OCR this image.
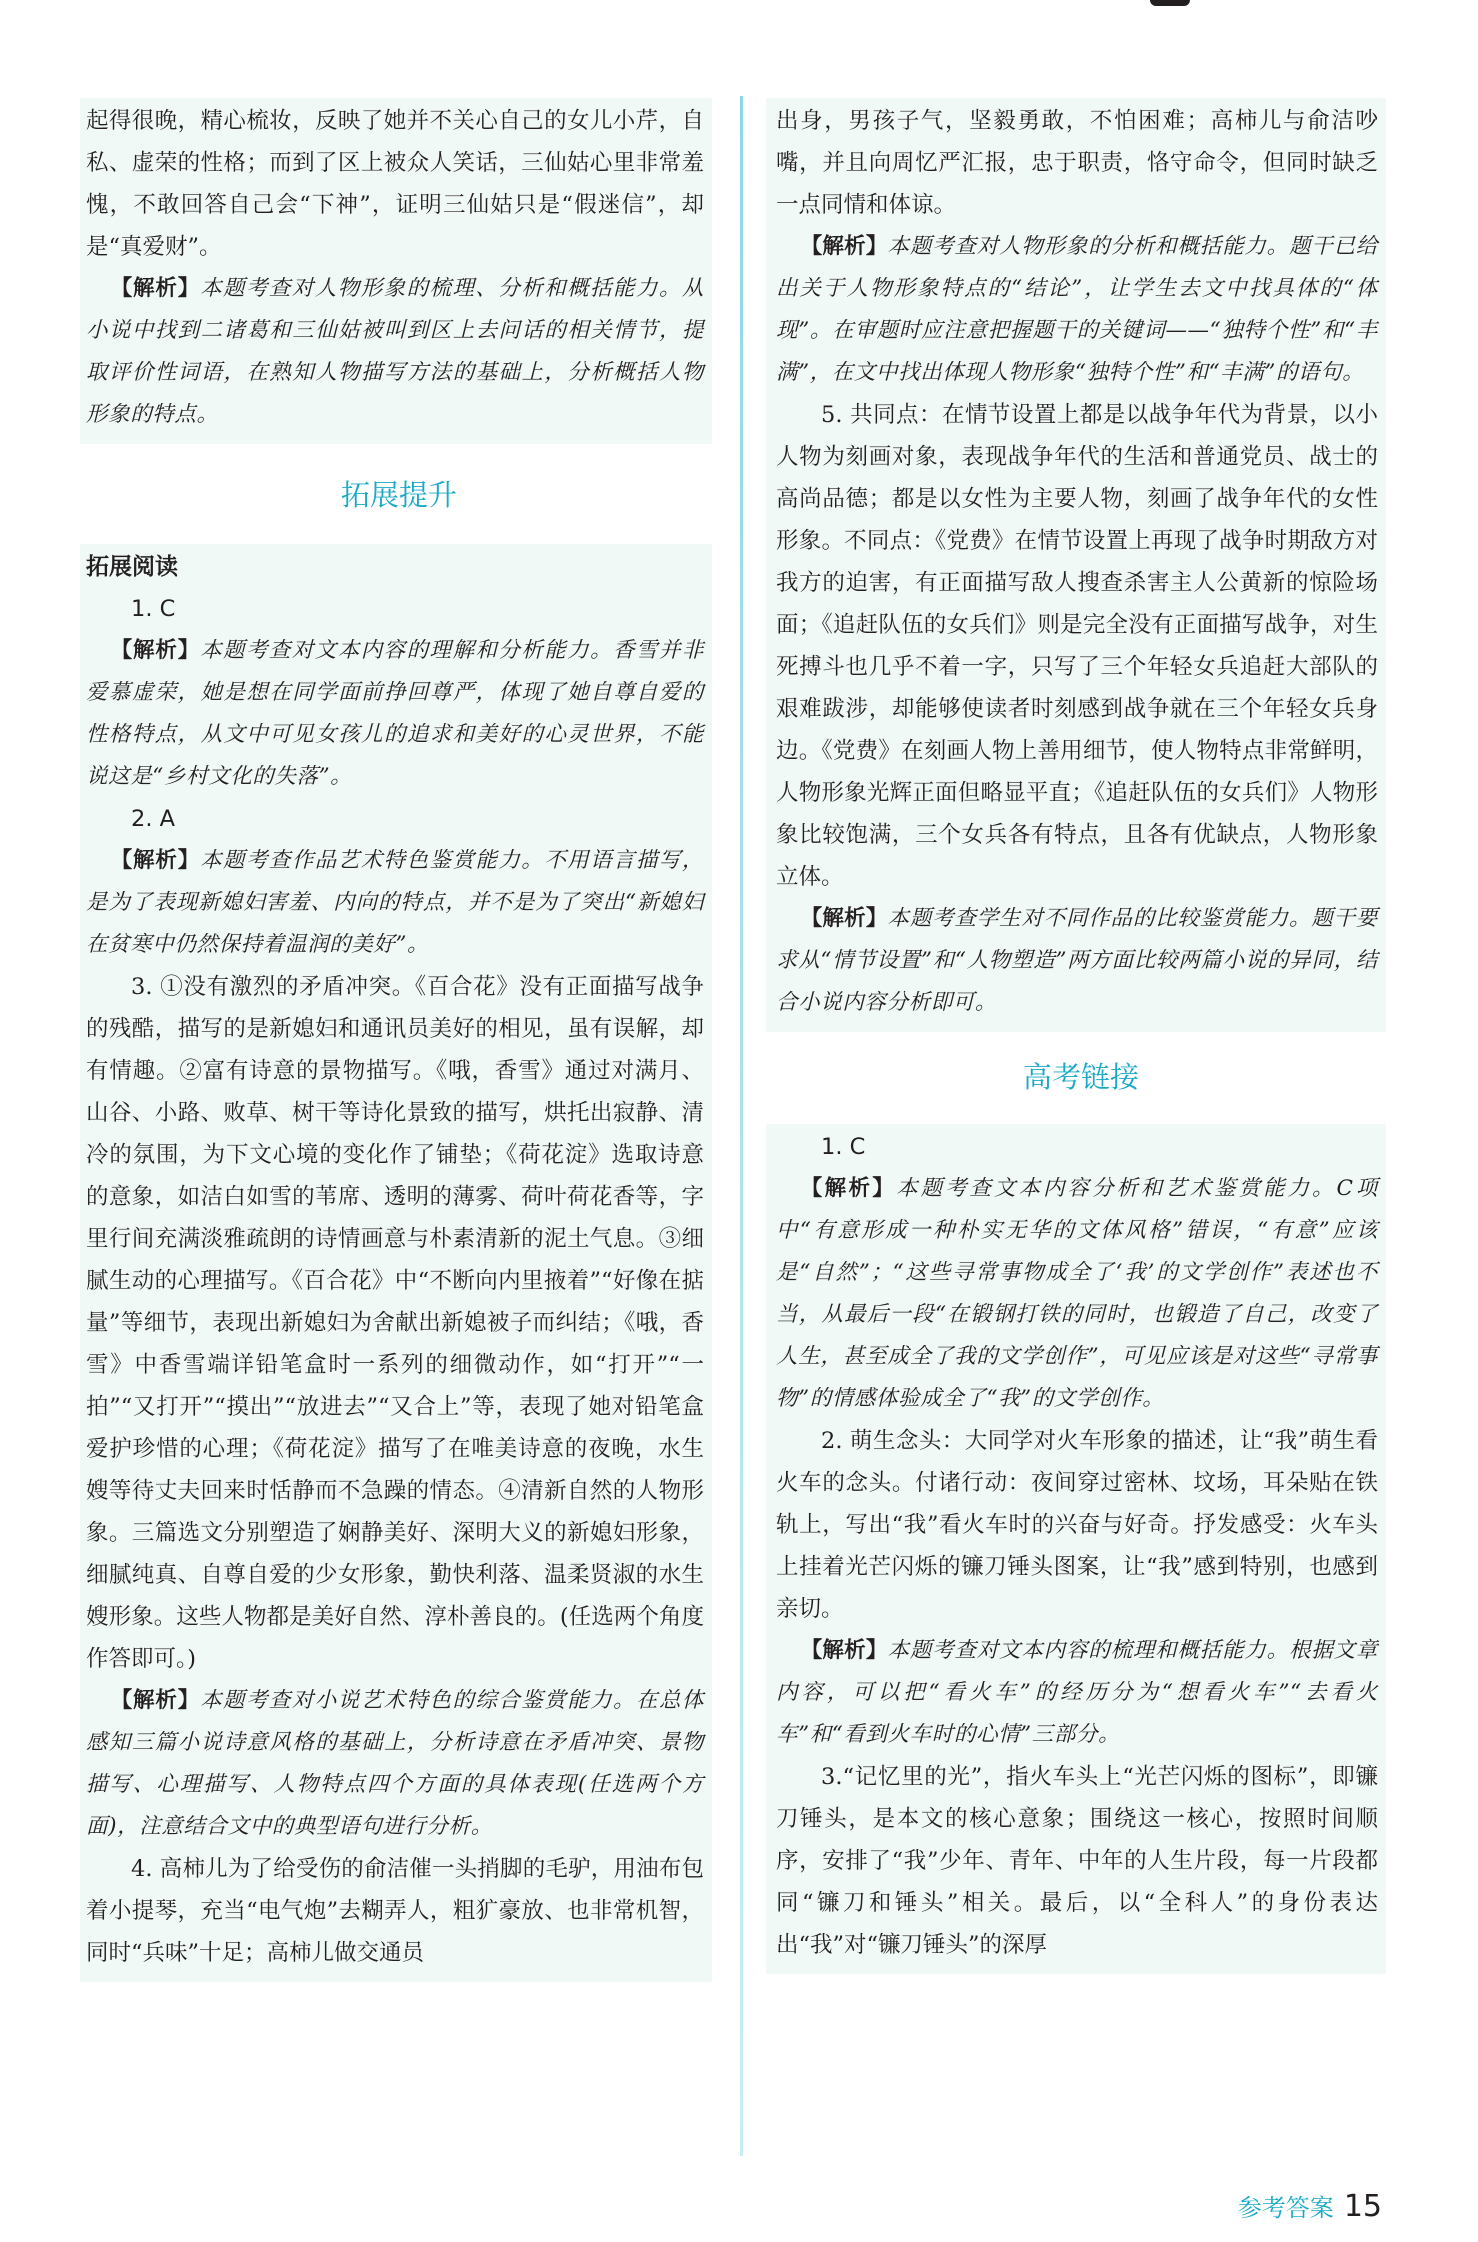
起得很晚，精心梳妆，反映了她并不关心自己的女儿小芹，自私、虚荣的性格；而到了区上被众人笑话，三仙姑心里非常羞愧，不敢回答自己会“下神”，证明三仙姑只是“假迷信”，却是“真爱财”。

【解析】本题考查对人物形象的梳理、分析和概括能力。从小说中找到二诸葛和三仙姑被叫到区上去问话的相关情节，提取评价性词语，在熟知人物描写方法的基础上，分析概括人物形象的特点。

拓展提升

拓展阅读

1. C

【解析】本题考查对文本内容的理解和分析能力。香雪并非爱慕虚荣，她是想在同学面前挣回尊严，体现了她自尊自爱的性格特点，从文中可见女孩儿的追求和美好的心灵世界，不能说这是“乡村文化的失落”。

2. A

【解析】本题考查作品艺术特色鉴赏能力。不用语言描写，是为了表现新媳妇害羞、内向的特点，并不是为了突出“新媳妇在贫寒中仍然保持着温润的美好”。

3. ①没有激烈的矛盾冲突。《百合花》没有正面描写战争的残酷，描写的是新媳妇和通讯员美好的相见，虽有误解，却有情趣。②富有诗意的景物描写。《哦，香雪》通过对满月、山谷、小路、败草、树干等诗化景致的描写，烘托出寂静、清冷的氛围，为下文心境的变化作了铺垫；《荷花淀》选取诗意的意象，如洁白如雪的苇席、透明的薄雾、荷叶荷花香等，字里行间充满淡雅疏朗的诗情画意与朴素清新的泥土气息。③细腻生动的心理描写。《百合花》中“不断向内里掖着”“好像在掂量”等细节，表现出新媳妇为舍献出新媳被子而纠结；《哦，香雪》中香雪端详铅笔盒时一系列的细微动作，如“打开”“一拍”“又打开”“摸出”“放进去”“又合上”等，表现了她对铅笔盒爱护珍惜的心理；《荷花淀》描写了在唯美诗意的夜晚，水生嫂等待丈夫回来时恬静而不急躁的情态。④清新自然的人物形象。三篇选文分别塑造了娴静美好、深明大义的新媳妇形象，细腻纯真、自尊自爱的少女形象，勤快利落、温柔贤淑的水生嫂形象。这些人物都是美好自然、淳朴善良的。(任选两个角度作答即可。)

【解析】本题考查对小说艺术特色的综合鉴赏能力。在总体感知三篇小说诗意风格的基础上，分析诗意在矛盾冲突、景物描写、心理描写、人物特点四个方面的具体表现(任选两个方面)，注意结合文中的典型语句进行分析。

4. 高柿儿为了给受伤的俞洁催一头捎脚的毛驴，用油布包着小提琴，充当“电气炮”去糊弄人，粗犷豪放、也非常机智，同时“兵味”十足；高柿儿做交通员

出身，男孩子气，坚毅勇敢，不怕困难；高柿儿与俞洁吵嘴，并且向周忆严汇报，忠于职责，恪守命令，但同时缺乏一点同情和体谅。

【解析】本题考查对人物形象的分析和概括能力。题干已给出关于人物形象特点的“结论”，让学生去文中找具体的“体现”。在审题时应注意把握题干的关键词——“独特个性”和“丰满”，在文中找出体现人物形象“独特个性”和“丰满”的语句。

5. 共同点：在情节设置上都是以战争年代为背景，以小人物为刻画对象，表现战争年代的生活和普通党员、战士的高尚品德；都是以女性为主要人物，刻画了战争年代的女性形象。不同点：《党费》在情节设置上再现了战争时期敌方对我方的迫害，有正面描写敌人搜查杀害主人公黄新的惊险场面；《追赶队伍的女兵们》则是完全没有正面描写战争，对生死搏斗也几乎不着一字，只写了三个年轻女兵追赶大部队的艰难跋涉，却能够使读者时刻感到战争就在三个年轻女兵身边。《党费》在刻画人物上善用细节，使人物特点非常鲜明，人物形象光辉正面但略显平直；《追赶队伍的女兵们》人物形象比较饱满，三个女兵各有特点，且各有优缺点，人物形象立体。

【解析】本题考查学生对不同作品的比较鉴赏能力。题干要求从“情节设置”和“人物塑造”两方面比较两篇小说的异同，结合小说内容分析即可。

高考链接

1. C

【解析】本题考查文本内容分析和艺术鉴赏能力。C项中“有意形成一种朴实无华的文体风格”错误，“有意”应该是“自然”；“这些寻常事物成全了‘我’的文学创作”表述也不当，从最后一段“在锻钢打铁的同时，也锻造了自己，改变了人生，甚至成全了我的文学创作”，可见应该是对这些“寻常事物”的情感体验成全了“我”的文学创作。

2. 萌生念头：大同学对火车形象的描述，让“我”萌生看火车的念头。付诸行动：夜间穿过密林、坟场，耳朵贴在铁轨上，写出“我”看火车时的兴奋与好奇。抒发感受：火车头上挂着光芒闪烁的镰刀锤头图案，让“我”感到特别，也感到亲切。

【解析】本题考查对文本内容的梳理和概括能力。根据文章内容，可以把“看火车”的经历分为“想看火车”“去看火车”和“看到火车时的心情”三部分。

3.“记忆里的光”，指火车头上“光芒闪烁的图标”，即镰刀锤头，是本文的核心意象；围绕这一核心，按照时间顺序，安排了“我”少年、青年、中年的人生片段，每一片段都同“镰刀和锤头”相关。最后，以“全科人”的身份表达出“我”对“镰刀锤头”的深厚

参考答案 15
